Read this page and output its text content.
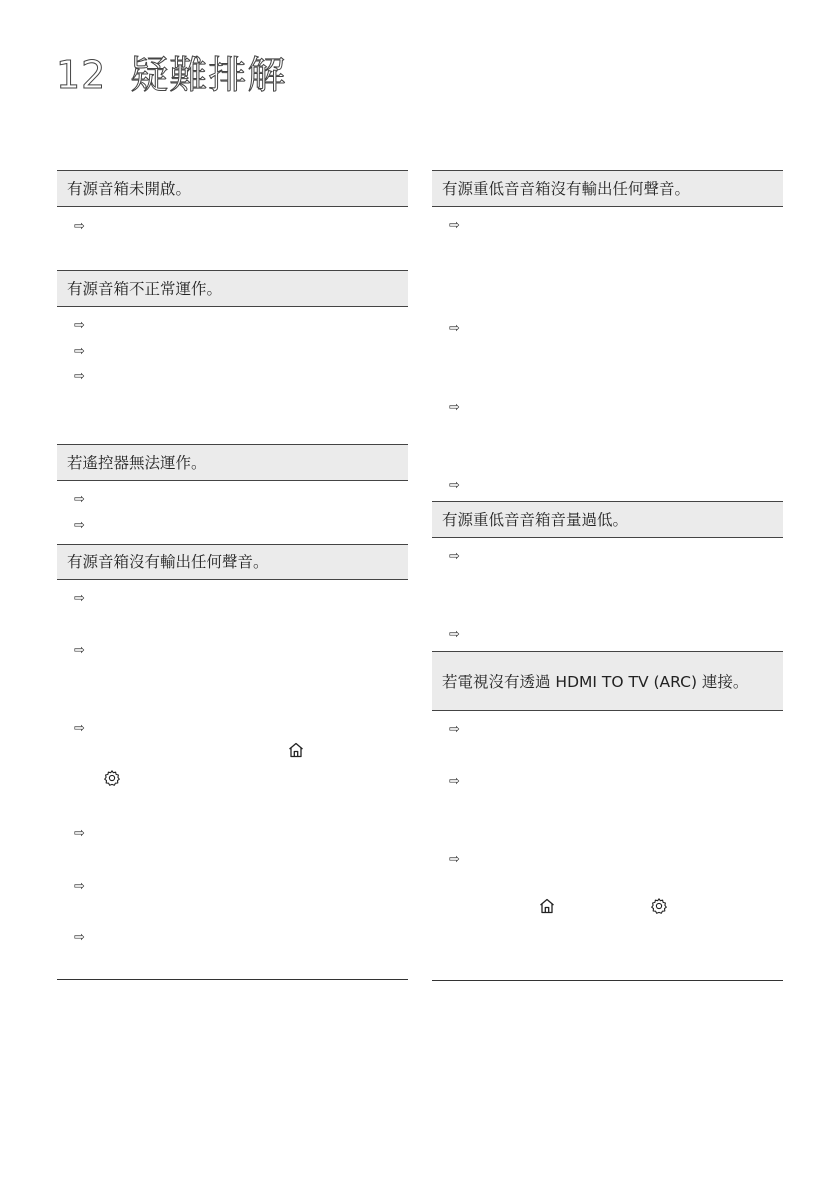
12 疑難排解
有源音箱未開啟。
⇨
有源音箱不正常運作。
⇨
⇨
⇨
若遙控器無法運作。
⇨
⇨
有源音箱沒有輸出任何聲音。
⇨
⇨
⇨
⇨
⇨
⇨
有源重低音音箱沒有輸出任何聲音。
⇨
⇨
⇨
⇨
有源重低音音箱音量過低。
⇨
⇨
若電視沒有透過 HDMI TO TV (ARC) 連接。
⇨
⇨
⇨
